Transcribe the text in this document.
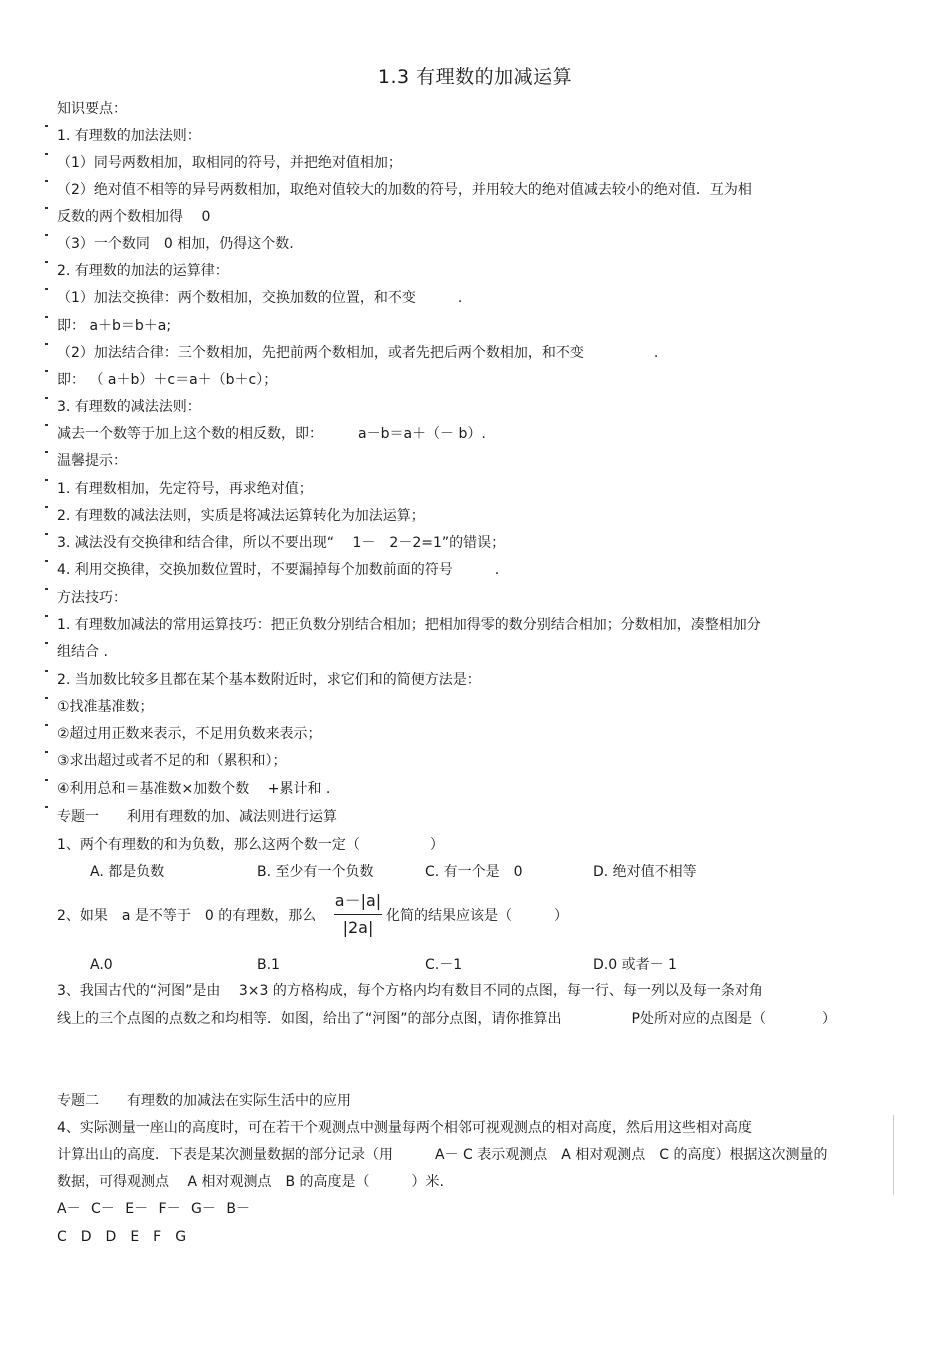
1.3 有理数的加减运算
知识要点：
1. 有理数的加法法则：
（1）同号两数相加，取相同的符号，并把绝对值相加；
（2）绝对值不相等的异号两数相加，取绝对值较大的加数的符号，并用较大的绝对值减去较小的绝对值．互为相
反数的两个数相加得　 0
（3）一个数同　0 相加，仍得这个数.
2. 有理数的加法的运算律：
（1）加法交换律：两个数相加，交换加数的位置，和不变　　　.
即： a＋b＝b＋a;
（2）加法结合律：三个数相加，先把前两个数相加，或者先把后两个数相加，和不变　　　　　.
即： （ a＋b）＋c＝a＋（b＋c）；
3. 有理数的减法法则：
减去一个数等于加上这个数的相反数，即：　　　a－b＝a＋（－ b）.
温馨提示：
1. 有理数相加，先定符号，再求绝对值；
2. 有理数的减法法则，实质是将减法运算转化为加法运算；
3. 减法没有交换律和结合律，所以不要出现“　 1－　2－2=1”的错误；
4. 利用交换律，交换加数位置时，不要漏掉每个加数前面的符号　　　.
方法技巧：
1. 有理数加减法的常用运算技巧：把正负数分别结合相加；把相加得零的数分别结合相加；分数相加，凑整相加分
组结合 .
2. 当加数比较多且都在某个基本数附近时，求它们和的简便方法是：
①找准基准数；
②超过用正数来表示，不足用负数来表示；
③求出超过或者不足的和（累积和）；
④利用总和＝基准数×加数个数　 +累计和 .
专题一　　利用有理数的加、减法则进行运算
1、两个有理数的和为负数，那么这两个数一定（　　　　　）
A. 都是负数	B. 至少有一个负数	C. 有一个是　0	D. 绝对值不相等
2、如果　a 是不等于　0 的有理数，那么
a－|a|
|2a|
化简的结果应该是（　　　）
A.0	B.1	C.－1	D.0 或者－ 1
3、我国古代的“河图”是由　 3×3 的方格构成，每个方格内均有数目不同的点图，每一行、每一列以及每一条对角
线上的三个点图的点数之和均相等．如图，给出了“河图”的部分点图，请你推算出　　　　　P处所对应的点图是（　　　　）
专题二　　有理数的加减法在实际生活中的应用
4、实际测量一座山的高度时，可在若干个观测点中测量每两个相邻可视观测点的相对高度，然后用这些相对高度
计算出山的高度．下表是某次测量数据的部分记录（用　　　A－ C 表示观测点　A 相对观测点　C 的高度）根据这次测量的
数据，可得观测点　 A 相对观测点　B 的高度是（　　　）米.
A－ C－ E－ F－ G－ B－
C　D　D　E　F　G
